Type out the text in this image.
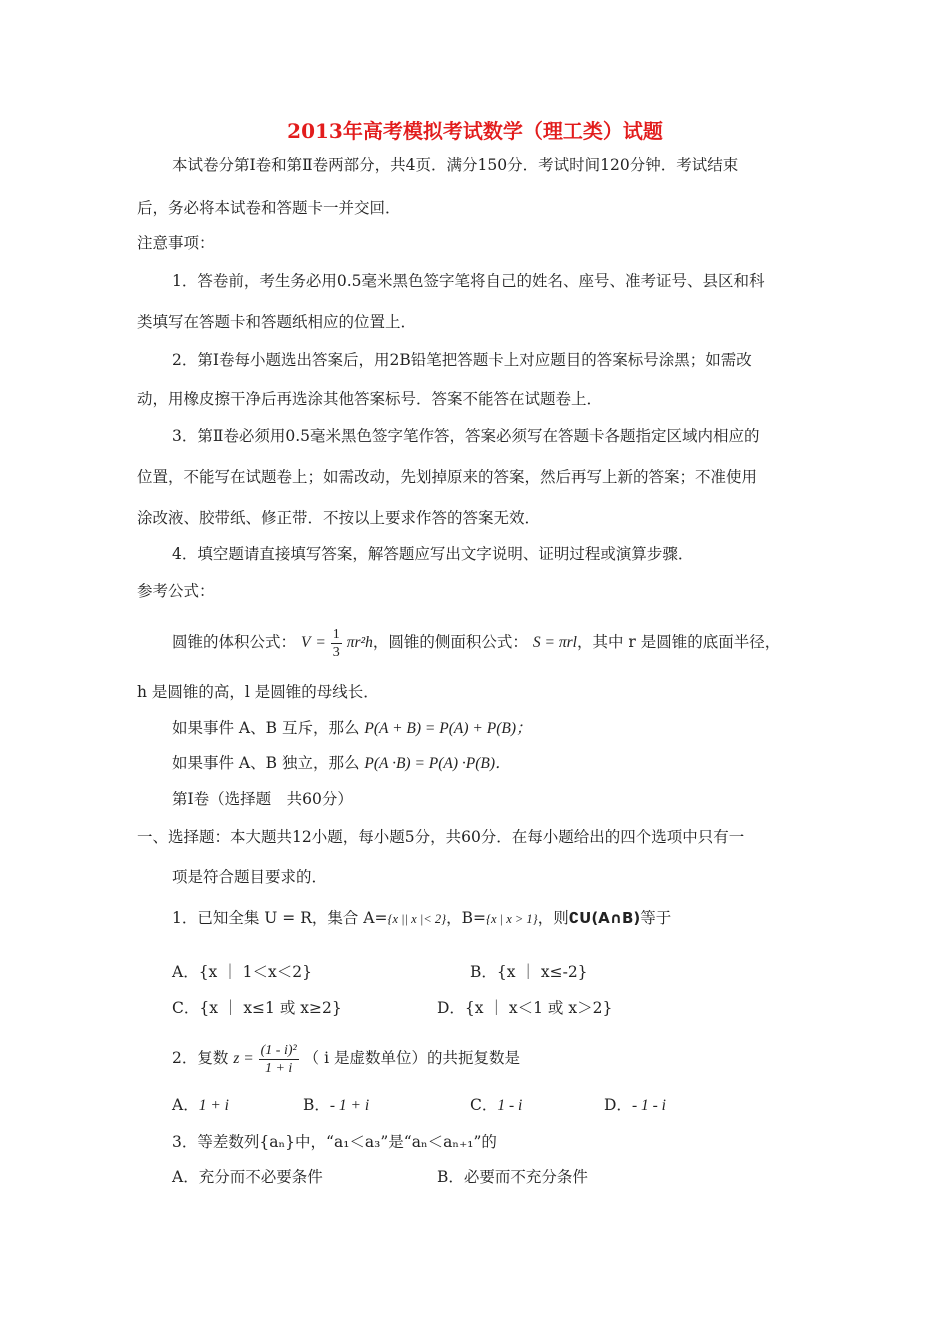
2013年高考模拟考试数学（理工类）试题
本试卷分第Ⅰ卷和第Ⅱ卷两部分，共4页．满分150分．考试时间120分钟．考试结束
后，务必将本试卷和答题卡一并交回．
注意事项：
1．答卷前，考生务必用0.5毫米黑色签字笔将自己的姓名、座号、准考证号、县区和科
类填写在答题卡和答题纸相应的位置上．
2．第Ⅰ卷每小题选出答案后，用2B铅笔把答题卡上对应题目的答案标号涂黑；如需改
动，用橡皮擦干净后再选涂其他答案标号．答案不能答在试题卷上．
3．第Ⅱ卷必须用0.5毫米黑色签字笔作答，答案必须写在答题卡各题指定区域内相应的
位置，不能写在试题卷上；如需改动，先划掉原来的答案，然后再写上新的答案；不准使用
涂改液、胶带纸、修正带．不按以上要求作答的答案无效．
4．填空题请直接填写答案，解答题应写出文字说明、证明过程或演算步骤．
参考公式：
圆锥的体积公式： $V = \frac{1}{3} \pi r^2h$，圆锥的侧面积公式： S = πrl，其中 r 是圆锥的底面半径，
h 是圆锥的高，l 是圆锥的母线长．
如果事件 A、B 互斥，那么 P(A + B) = P(A) + P(B)；
如果事件 A、B 独立，那么 P(A ·B) = P(A) ·P(B)．
第Ⅰ卷（选择题　共60分）
一、选择题：本大题共12小题，每小题5分，共60分．在每小题给出的四个选项中只有一
项是符合题目要求的．
1．已知全集 U = R，集合 A={x || x |< 2}，B={x | x > 1}，则∁U(A∩B)等于
A．{x ｜ 1＜x＜2}	B．{x ｜ x≤-2}
C．{x ｜ x≤1 或 x≥2}	D．{x ｜ x＜1 或 x＞2}
2．复数 $z = \frac{\text{(1 - i)²}}{1 + i}$ （ i 是虚数单位）的共扼复数是
A．1 + i	B．- 1 + i	C．1 - i	D．- 1 - i
3．等差数列{aₙ}中，“a₁＜a₃”是“aₙ＜aₙ₊₁”的
A．充分而不必要条件	B．必要而不充分条件
